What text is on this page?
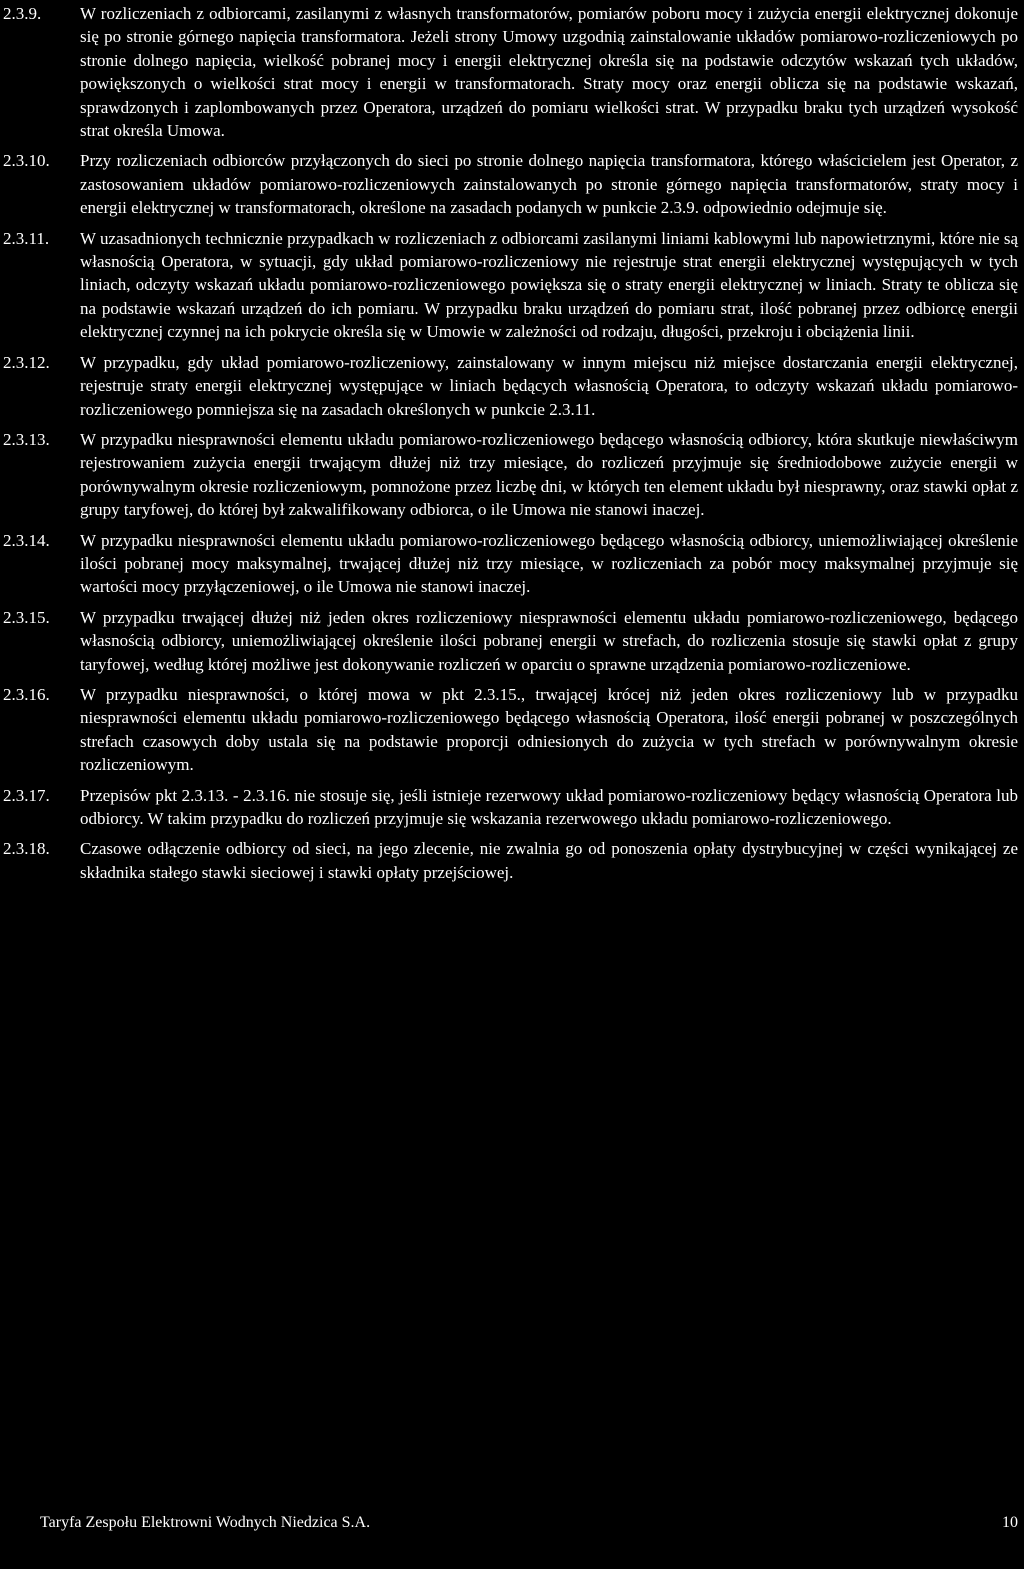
2.3.9.	W rozliczeniach z odbiorcami, zasilanymi z własnych transformatorów, pomiarów poboru mocy i zużycia energii elektrycznej dokonuje się po stronie górnego napięcia transformatora. Jeżeli strony Umowy uzgodnią zainstalowanie układów pomiarowo-rozliczeniowych po stronie dolnego napięcia, wielkość pobranej mocy i energii elektrycznej określa się na podstawie odczytów wskazań tych układów, powiększonych o wielkości strat mocy i energii w transformatorach. Straty mocy oraz energii oblicza się na podstawie wskazań, sprawdzonych i zaplombowanych przez Operatora, urządzeń do pomiaru wielkości strat. W przypadku braku tych urządzeń wysokość strat określa Umowa.

2.3.10.	Przy rozliczeniach odbiorców przyłączonych do sieci po stronie dolnego napięcia transformatora, którego właścicielem jest Operator, z zastosowaniem układów pomiarowo-rozliczeniowych zainstalowanych po stronie górnego napięcia transformatorów, straty mocy i energii elektrycznej w transformatorach, określone na zasadach podanych w punkcie 2.3.9. odpowiednio odejmuje się.

2.3.11.	W uzasadnionych technicznie przypadkach w rozliczeniach z odbiorcami zasilanymi liniami kablowymi lub napowietrznymi, które nie są własnością Operatora, w sytuacji, gdy układ pomiarowo-rozliczeniowy nie rejestruje strat energii elektrycznej występujących w tych liniach, odczyty wskazań układu pomiarowo-rozliczeniowego powiększa się o straty energii elektrycznej w liniach. Straty te oblicza się na podstawie wskazań urządzeń do ich pomiaru. W przypadku braku urządzeń do pomiaru strat, ilość pobranej przez odbiorcę energii elektrycznej czynnej na ich pokrycie określa się w Umowie w zależności od rodzaju, długości, przekroju i obciążenia linii.

2.3.12.	W przypadku, gdy układ pomiarowo-rozliczeniowy, zainstalowany w innym miejscu niż miejsce dostarczania energii elektrycznej, rejestruje straty energii elektrycznej występujące w liniach będących własnością Operatora, to odczyty wskazań układu pomiarowo-rozliczeniowego pomniejsza się na zasadach określonych w punkcie 2.3.11.

2.3.13.	W przypadku niesprawności elementu układu pomiarowo-rozliczeniowego będącego własnością odbiorcy, która skutkuje niewłaściwym rejestrowaniem zużycia energii trwającym dłużej niż trzy miesiące, do rozliczeń przyjmuje się średniodobowe zużycie energii w porównywalnym okresie rozliczeniowym, pomnożone przez liczbę dni, w których ten element układu był niesprawny, oraz stawki opłat z grupy taryfowej, do której był zakwalifikowany odbiorca, o ile Umowa nie stanowi inaczej.

2.3.14.	W przypadku niesprawności elementu układu pomiarowo-rozliczeniowego będącego własnością odbiorcy, uniemożliwiającej określenie ilości pobranej mocy maksymalnej, trwającej dłużej niż trzy miesiące, w rozliczeniach za pobór mocy maksymalnej przyjmuje się wartości mocy przyłączeniowej, o ile Umowa nie stanowi inaczej.

2.3.15.	W przypadku trwającej dłużej niż jeden okres rozliczeniowy niesprawności elementu układu pomiarowo-rozliczeniowego, będącego własnością odbiorcy, uniemożliwiającej określenie ilości pobranej energii w strefach, do rozliczenia stosuje się stawki opłat z grupy taryfowej, według której możliwe jest dokonywanie rozliczeń w oparciu o sprawne urządzenia pomiarowo-rozliczeniowe.

2.3.16.	W przypadku niesprawności, o której mowa w pkt 2.3.15., trwającej krócej niż jeden okres rozliczeniowy lub w przypadku niesprawności elementu układu pomiarowo-rozliczeniowego będącego własnością Operatora, ilość energii pobranej w poszczególnych strefach czasowych doby ustala się na podstawie proporcji odniesionych do zużycia w tych strefach w porównywalnym okresie rozliczeniowym.

2.3.17.	Przepisów pkt 2.3.13. - 2.3.16. nie stosuje się, jeśli istnieje rezerwowy układ pomiarowo-rozliczeniowy będący własnością Operatora lub odbiorcy. W takim przypadku do rozliczeń przyjmuje się wskazania rezerwowego układu pomiarowo-rozliczeniowego.

2.3.18.	Czasowe odłączenie odbiorcy od sieci, na jego zlecenie, nie zwalnia go od ponoszenia opłaty dystrybucyjnej w części wynikającej ze składnika stałego stawki sieciowej i stawki opłaty przejściowej.

Taryfa Zespołu Elektrowni Wodnych Niedzica S.A.	10
